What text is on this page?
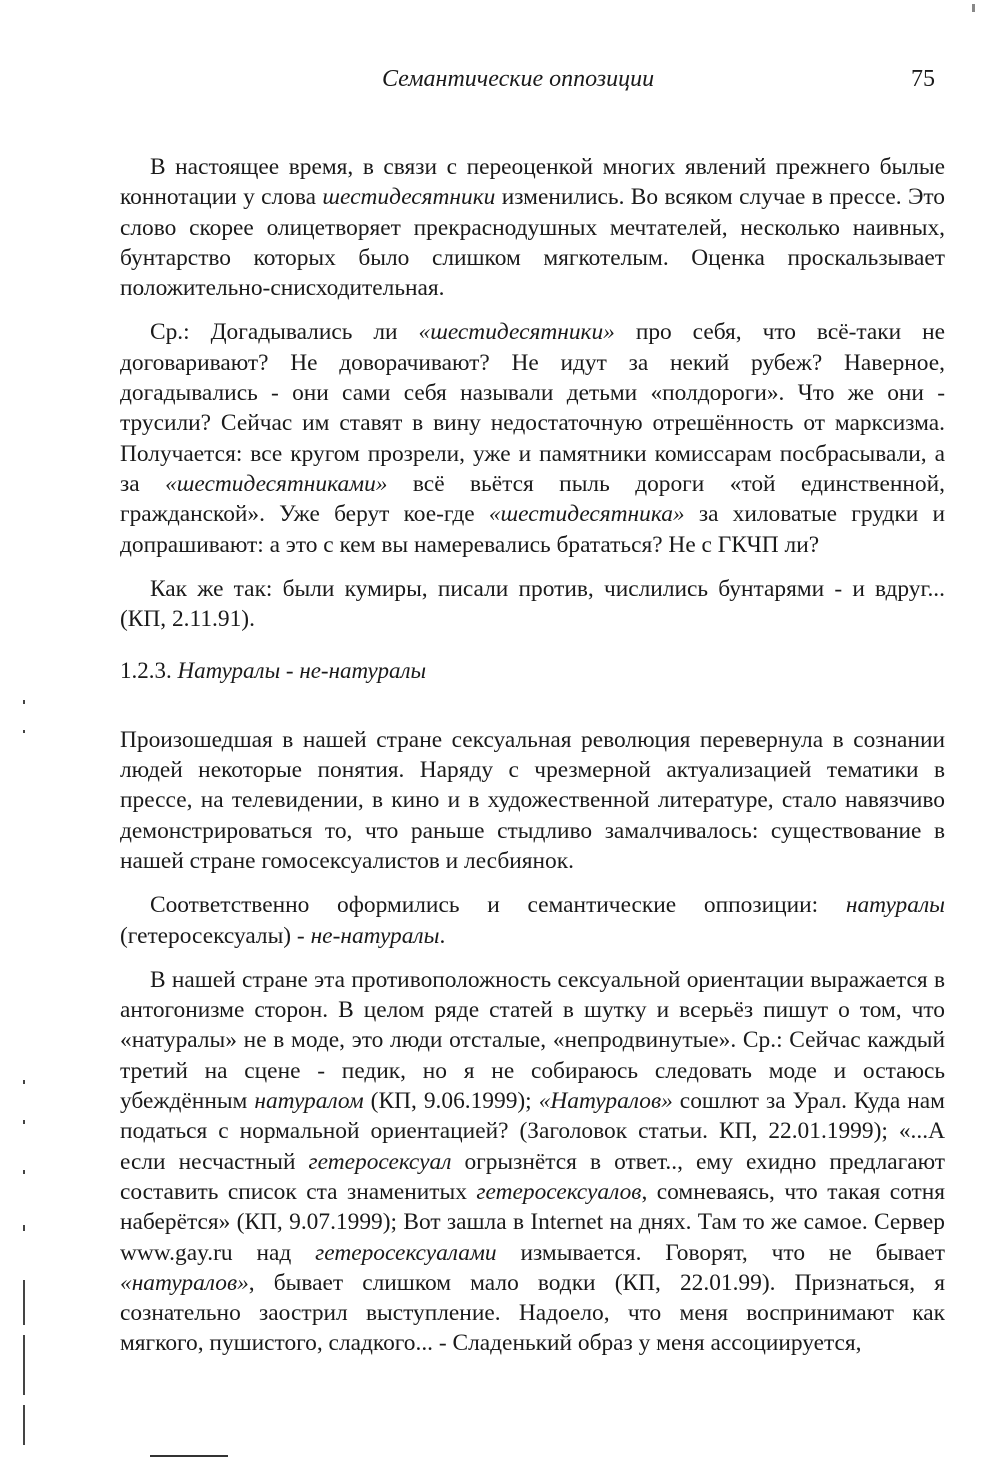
Семантические оппозиции	75

В настоящее время, в связи с переоценкой многих явлений прежнего былые коннотации у слова шестидесятники изменились. Во всяком случае в прессе. Это слово скорее олицетворяет прекраснодушных мечтателей, несколько наивных, бунтарство которых было слишком мягкотелым. Оценка проскальзывает положительно-снисходительная.

Ср.: Догадывались ли «шестидесятники» про себя, что всё-таки не договаривают? Не доворачивают? Не идут за некий рубеж? Наверное, догадывались - они сами себя называли детьми «полдороги». Что же они - трусили? Сейчас им ставят в вину недостаточную отрешённость от марксизма. Получается: все кругом прозрели, уже и памятники комиссарам посбрасывали, а за «шестидесятниками» всё вьётся пыль дороги «той единственной, гражданской». Уже берут кое-где «шестидесятника» за хиловатые грудки и допрашивают: а это с кем вы намеревались брататься? Не с ГКЧП ли?

Как же так: были кумиры, писали против, числились бунтарями - и вдруг... (КП, 2.11.91).

1.2.3. Натуралы - не-натуралы

Произошедшая в нашей стране сексуальная революция перевернула в сознании людей некоторые понятия. Наряду с чрезмерной актуализацией тематики в прессе, на телевидении, в кино и в художественной литературе, стало навязчиво демонстрироваться то, что раньше стыдливо замалчивалось: существование в нашей стране гомосексуалистов и лесбиянок.

Соответственно оформились и семантические оппозиции: натуралы (гетеросексуалы) - не-натуралы.

В нашей стране эта противоположность сексуальной ориентации выражается в антогонизме сторон. В целом ряде статей в шутку и всерьёз пишут о том, что «натуралы» не в моде, это люди отсталые, «непродвинутые». Ср.: Сейчас каждый третий на сцене - педик, но я не собираюсь следовать моде и остаюсь убеждённым натуралом (КП, 9.06.1999); «Натуралов» сошлют за Урал. Куда нам податься с нормальной ориентацией? (Заголовок статьи. КП, 22.01.1999); «...А если несчастный гетеросексуал огрызнётся в ответ.., ему ехидно предлагают составить список ста знаменитых гетеросексуалов, сомневаясь, что такая сотня наберётся» (КП, 9.07.1999); Вот зашла в Internet на днях. Там то же самое. Сервер www.gay.ru над гетеросексуалами измывается. Говорят, что не бывает «натуралов», бывает слишком мало водки (КП, 22.01.99). Признаться, я сознательно заострил выступление. Надоело, что меня воспринимают как мягкого, пушистого, сладкого... - Сладенький образ у меня ассоциируется,
